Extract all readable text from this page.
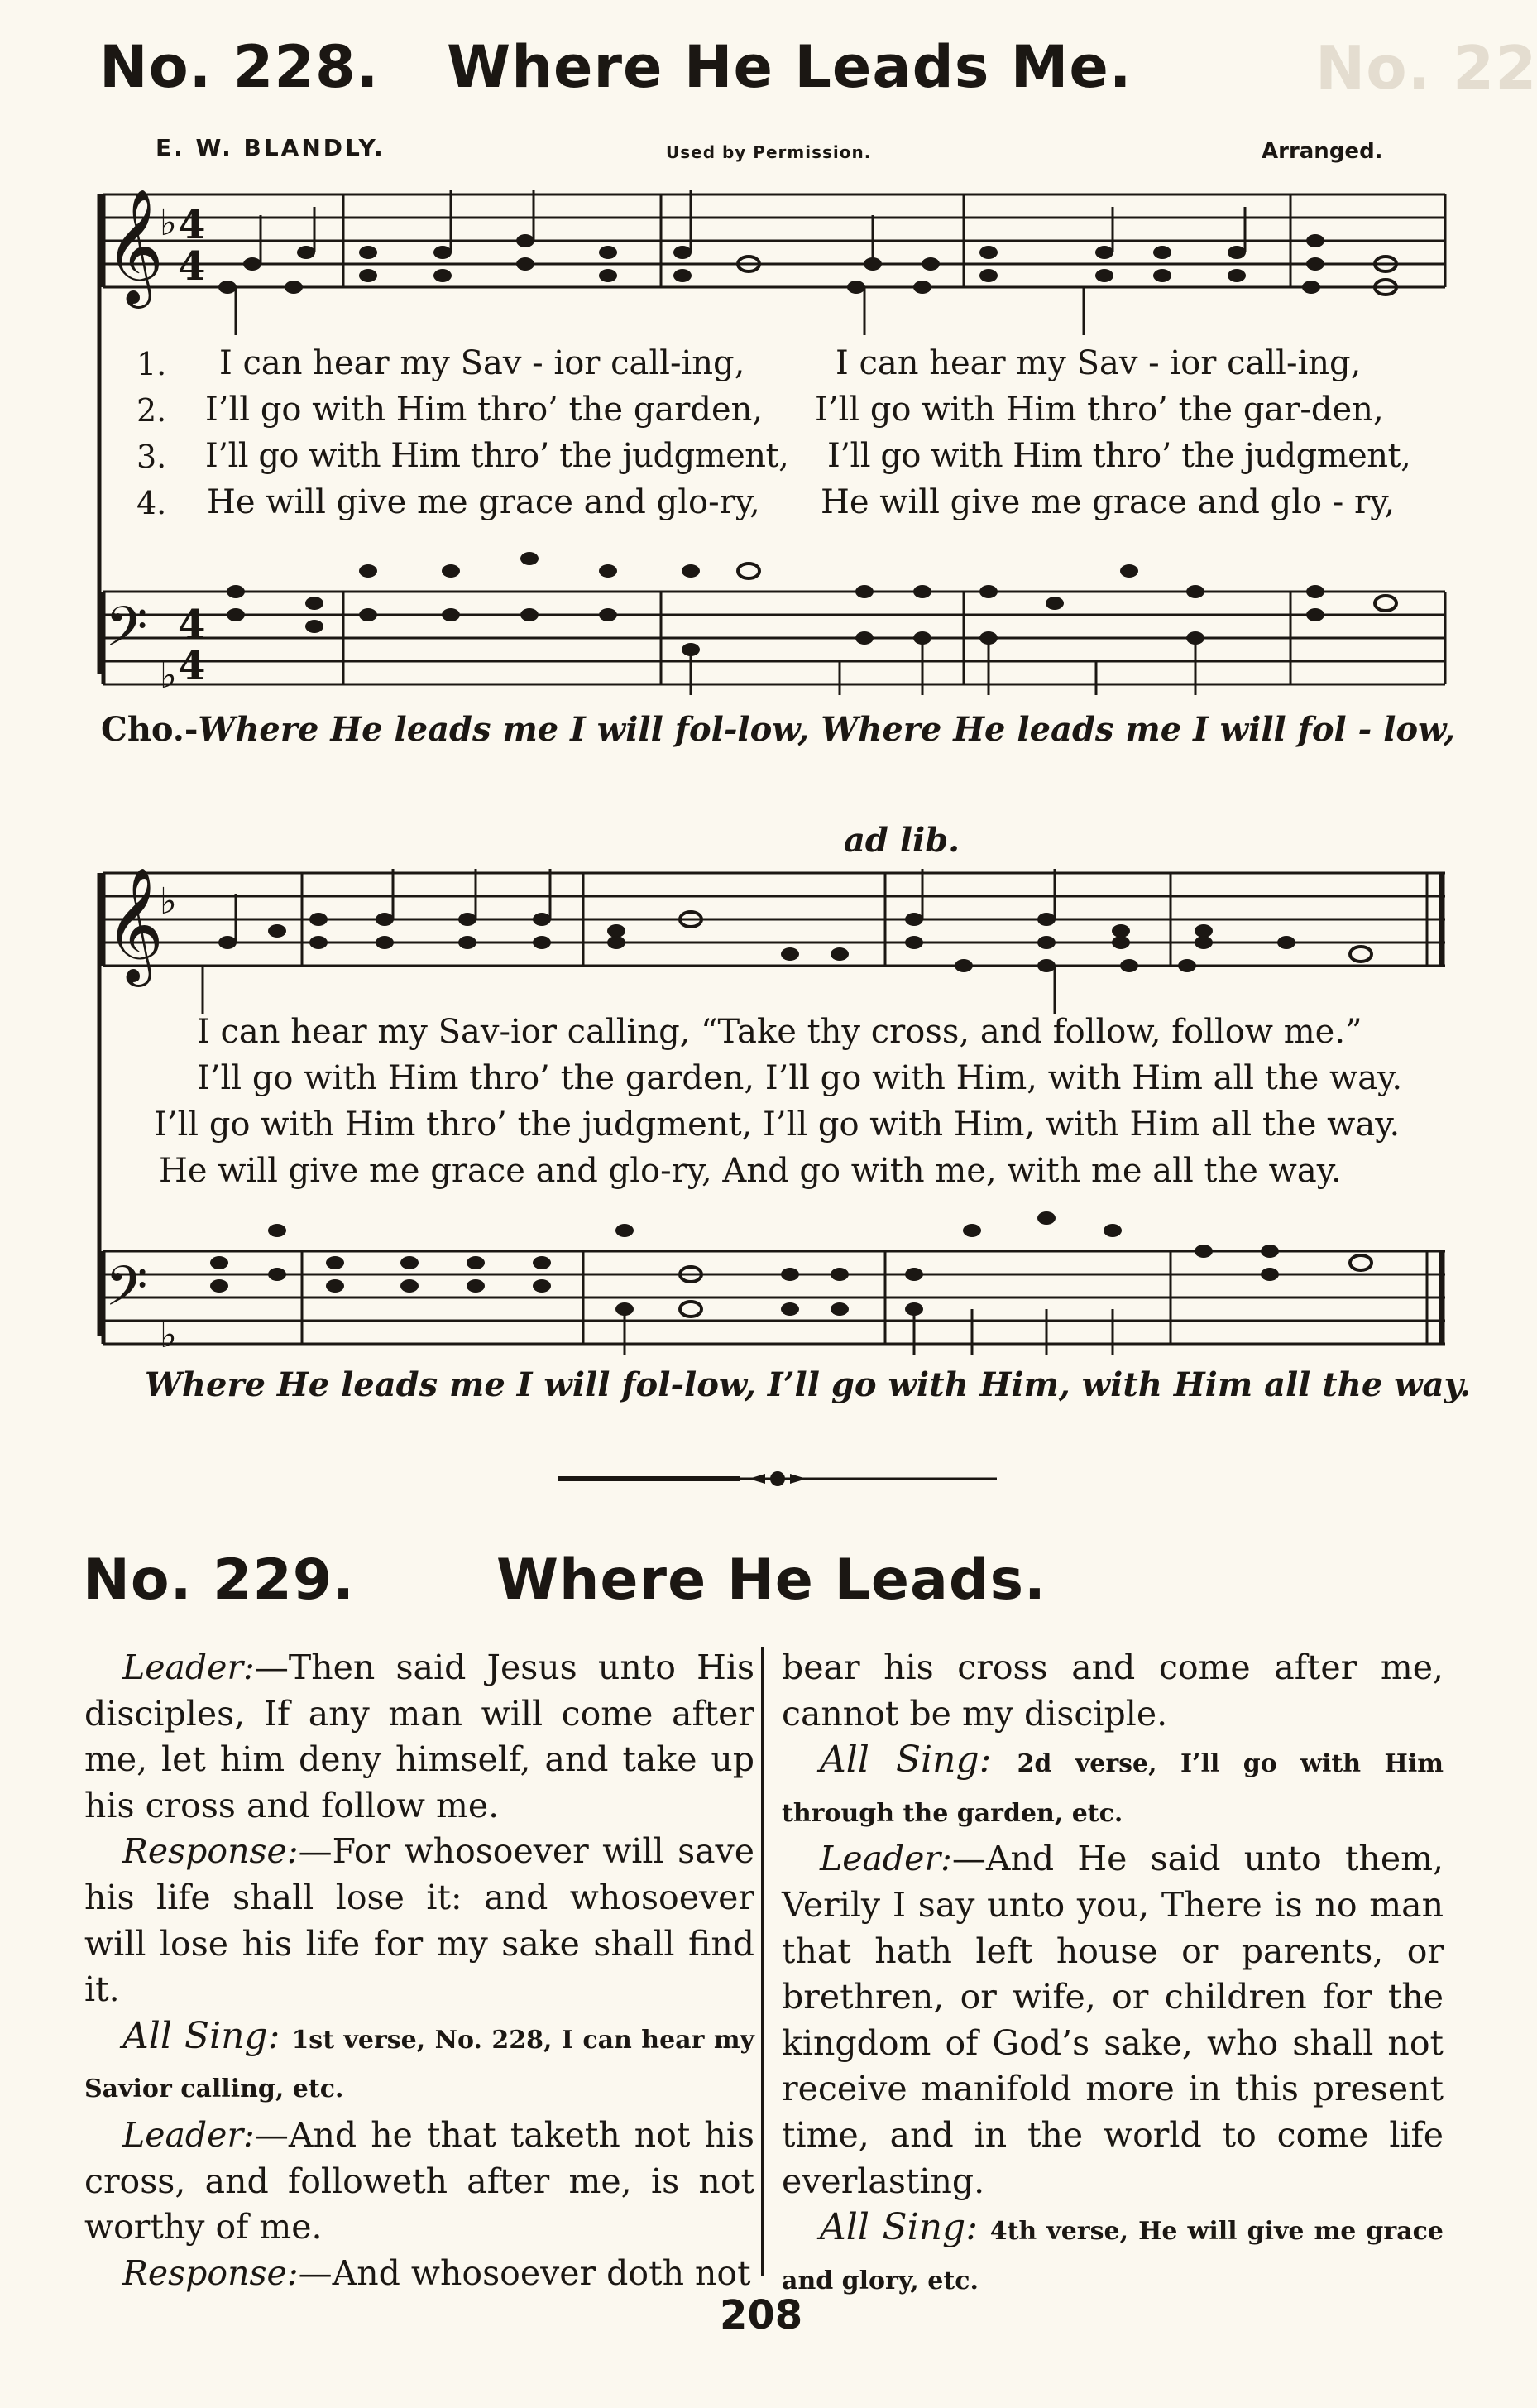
No. 22
No. 228. Where He Leads Me.
E. W. BLANDLY.	Used by Permission.	Arranged.
𝄞
♭ 4
4
1. I can hear my Sav - ior call-ing,	I can hear my Sav - ior call-ing,
2. I’ll go with Him thro’ the garden, I’ll go with Him thro’ the gar-den,
3. I’ll go with Him thro’ the judgment, I’ll go with Him thro’ the judgment,
4. He will give me grace and glo-ry, He will give me grace and glo - ry,
𝄢
♭
4
4
Cho.-Where He leads me I will fol-low, Where He leads me I will fol - low,
ad lib.
𝄞
♭
I can hear my Sav-ior calling, “Take thy cross, and follow, follow me.”
I’ll go with Him thro’ the garden, I’ll go with Him, with Him all the way.
I’ll go with Him thro’ the judgment, I’ll go with Him, with Him all the way.
He will give me grace and glo-ry, And go with me, with me all the way.
𝄢
♭
Where He leads me I will fol-low, I’ll go with Him, with Him all the way.
No. 229.	Where He Leads.

Leader:—Then said Jesus unto His disciples, If any man will come after me, let him deny himself, and take up his cross and follow me.

Response:—For whosoever will save his life shall lose it: and whosoever will lose his life for my sake shall find it.

All Sing: 1st verse, No. 228, I can hear my Savior calling, etc.

Leader:—And he that taketh not his cross, and followeth after me, is not worthy of me.

Response:—And whosoever doth not

bear his cross and come after me, cannot be my disciple.

All Sing: 2d verse, I’ll go with Him through the garden, etc.

Leader:—And He said unto them, Verily I say unto you, There is no man that hath left house or parents, or brethren, or wife, or children for the kingdom of God’s sake, who shall not receive manifold more in this present time, and in the world to come life everlasting.

All Sing: 4th verse, He will give me grace and glory, etc.

208
